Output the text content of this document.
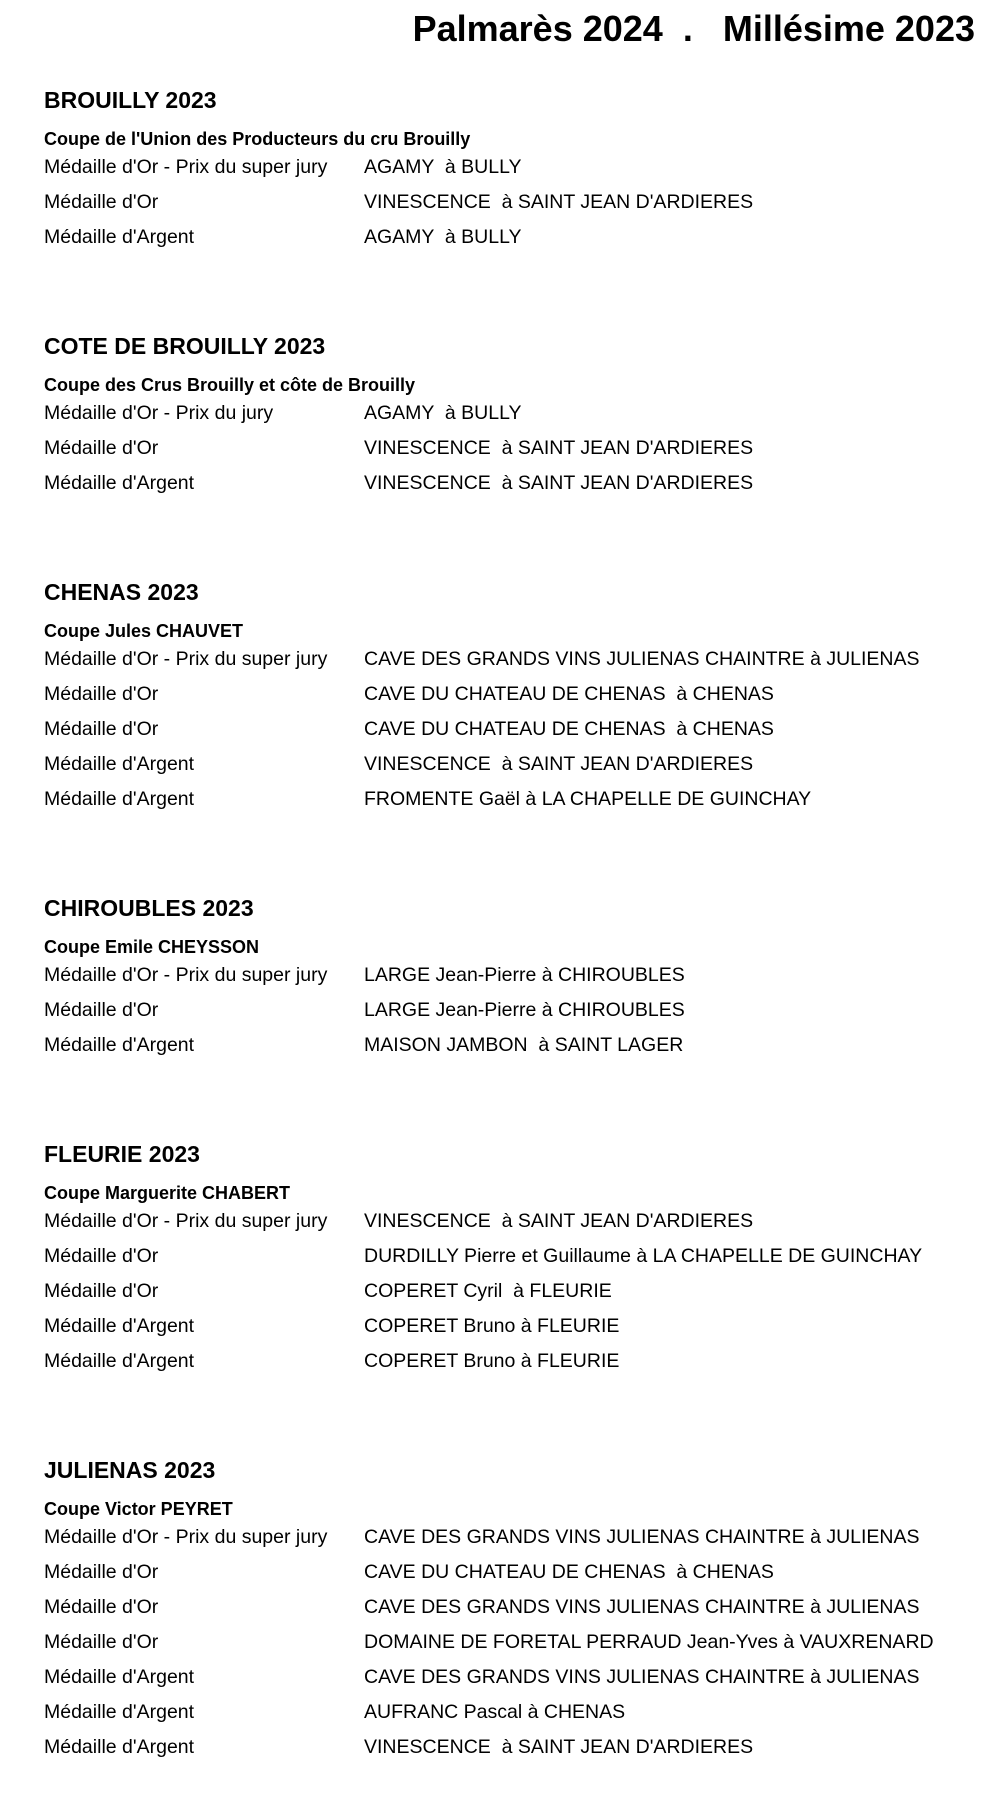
Palmarès 2024  .   Millésime 2023
BROUILLY 2023
Coupe de l'Union des Producteurs du cru Brouilly
Médaille d'Or - Prix du super jury	AGAMY  à BULLY
Médaille d'Or	VINESCENCE  à SAINT JEAN D'ARDIERES
Médaille d'Argent	AGAMY  à BULLY
COTE DE BROUILLY 2023
Coupe des Crus Brouilly et côte de Brouilly
Médaille d'Or - Prix du jury	AGAMY  à BULLY
Médaille d'Or	VINESCENCE  à SAINT JEAN D'ARDIERES
Médaille d'Argent	VINESCENCE  à SAINT JEAN D'ARDIERES
CHENAS 2023
Coupe Jules CHAUVET
Médaille d'Or - Prix du super jury	CAVE DES GRANDS VINS JULIENAS CHAINTRE à JULIENAS
Médaille d'Or	CAVE DU CHATEAU DE CHENAS  à CHENAS
Médaille d'Or	CAVE DU CHATEAU DE CHENAS  à CHENAS
Médaille d'Argent	VINESCENCE  à SAINT JEAN D'ARDIERES
Médaille d'Argent	FROMENTE Gaël à LA CHAPELLE DE GUINCHAY
CHIROUBLES 2023
Coupe Emile CHEYSSON
Médaille d'Or - Prix du super jury	LARGE Jean-Pierre à CHIROUBLES
Médaille d'Or	LARGE Jean-Pierre à CHIROUBLES
Médaille d'Argent	MAISON JAMBON  à SAINT LAGER
FLEURIE 2023
Coupe Marguerite CHABERT
Médaille d'Or - Prix du super jury	VINESCENCE  à SAINT JEAN D'ARDIERES
Médaille d'Or	DURDILLY Pierre et Guillaume à LA CHAPELLE DE GUINCHAY
Médaille d'Or	COPERET Cyril  à FLEURIE
Médaille d'Argent	COPERET Bruno à FLEURIE
Médaille d'Argent	COPERET Bruno à FLEURIE
JULIENAS 2023
Coupe Victor PEYRET
Médaille d'Or - Prix du super jury	CAVE DES GRANDS VINS JULIENAS CHAINTRE à JULIENAS
Médaille d'Or	CAVE DU CHATEAU DE CHENAS  à CHENAS
Médaille d'Or	CAVE DES GRANDS VINS JULIENAS CHAINTRE à JULIENAS
Médaille d'Or	DOMAINE DE FORETAL PERRAUD Jean-Yves à VAUXRENARD
Médaille d'Argent	CAVE DES GRANDS VINS JULIENAS CHAINTRE à JULIENAS
Médaille d'Argent	AUFRANC Pascal à CHENAS
Médaille d'Argent	VINESCENCE  à SAINT JEAN D'ARDIERES
